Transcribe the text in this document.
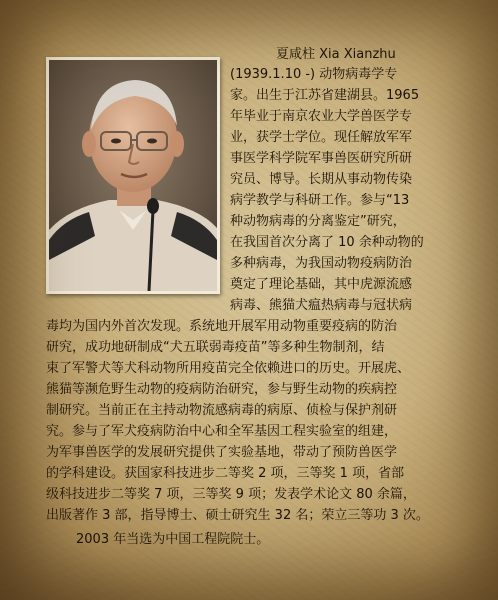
夏咸柱 Xia Xianzhu
(1939.1.10 -) 动物病毒学专
家。出生于江苏省建湖县。1965
年毕业于南京农业大学兽医学专
业，获学士学位。现任解放军军
事医学科学院军事兽医研究所研
究员、博导。长期从事动物传染
病学教学与科研工作。参与“13
种动物病毒的分离鉴定”研究，
在我国首次分离了 10 余种动物的
多种病毒，为我国动物疫病防治
奠定了理论基础，其中虎源流感
病毒、熊猫犬瘟热病毒与冠状病
毒均为国内外首次发现。系统地开展军用动物重要疫病的防治
研究，成功地研制成“犬五联弱毒疫苗”等多种生物制剂，结
束了军警犬等犬科动物所用疫苗完全依赖进口的历史。开展虎、
熊猫等濒危野生动物的疫病防治研究，参与野生动物的疾病控
制研究。当前正在主持动物流感病毒的病原、侦检与保护剂研
究。参与了军犬疫病防治中心和全军基因工程实验室的组建，
为军事兽医学的发展研究提供了实验基地，带动了预防兽医学
的学科建设。获国家科技进步二等奖 2 项，三等奖 1 项，省部
级科技进步二等奖 7 项，三等奖 9 项；发表学术论文 80 余篇，
出版著作 3 部，指导博士、硕士研究生 32 名；荣立三等功 3 次。
2003 年当选为中国工程院院士。
